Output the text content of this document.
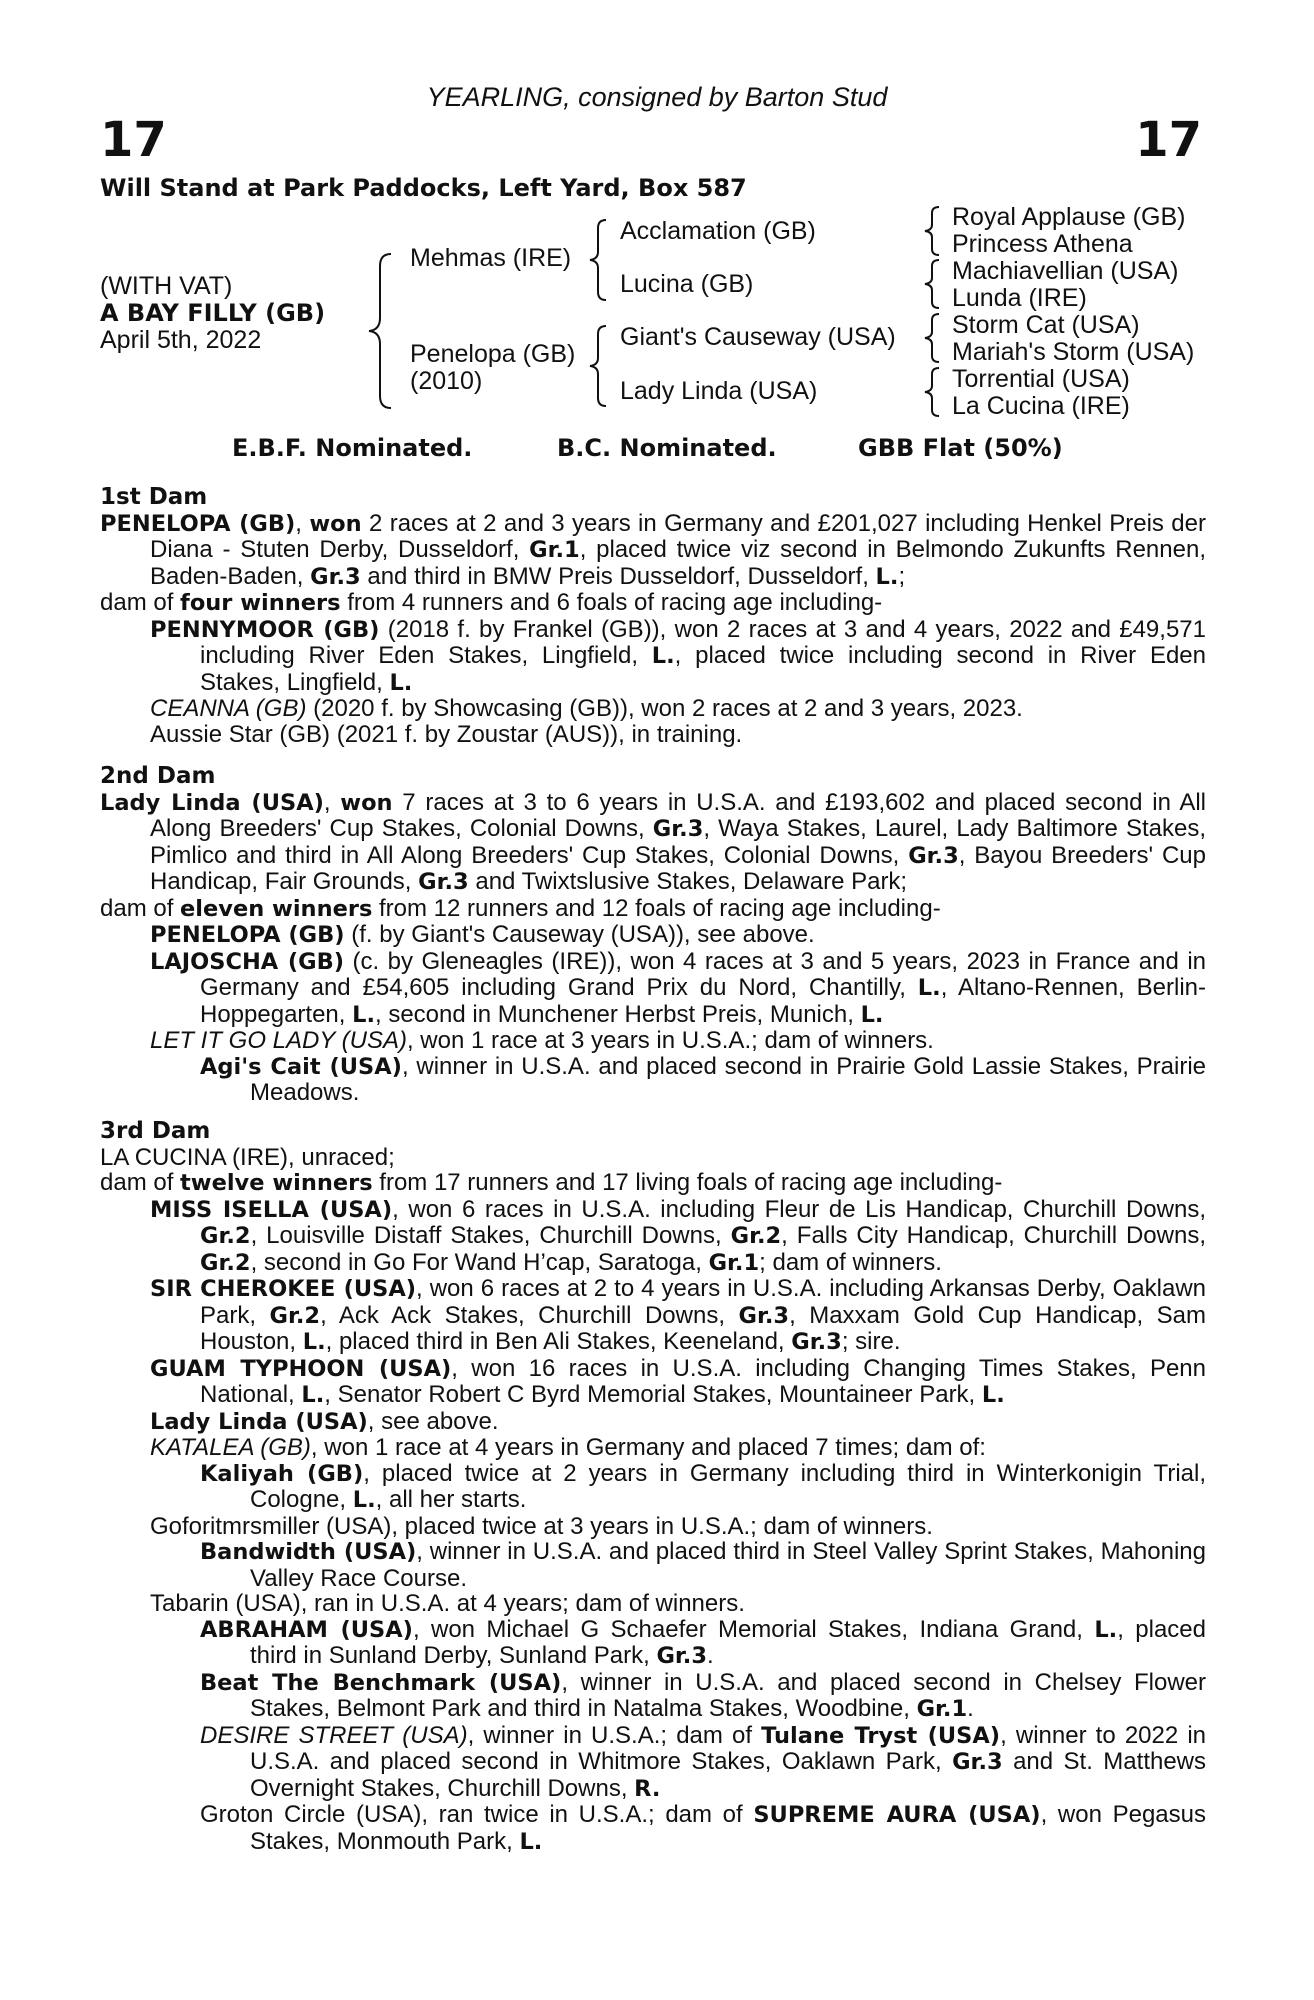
YEARLING, consigned by Barton Stud
17	17
Will Stand at Park Paddocks, Left Yard, Box 587
(WITH VAT)
A BAY FILLY (GB)
April 5th, 2022
Mehmas (IRE)
Penelopa (GB)
(2010)
Acclamation (GB)
Lucina (GB)
Giant's Causeway (USA)
Lady Linda (USA)
Royal Applause (GB)
Princess Athena
Machiavellian (USA)
Lunda (IRE)
Storm Cat (USA)
Mariah's Storm (USA)
Torrential (USA)
La Cucina (IRE)
E.B.F. Nominated.	B.C. Nominated.	GBB Flat (50%)
1st Dam

PENELOPA (GB), won 2 races at 2 and 3 years in Germany and £201,027 including Henkel Preis der Diana - Stuten Derby, Dusseldorf, Gr.1, placed twice viz second in Belmondo Zukunfts Rennen, Baden-Baden, Gr.3 and third in BMW Preis Dusseldorf, Dusseldorf, L.;

dam of four winners from 4 runners and 6 foals of racing age including-

PENNYMOOR (GB) (2018 f. by Frankel (GB)), won 2 races at 3 and 4 years, 2022 and £49,571 including River Eden Stakes, Lingfield, L., placed twice including second in River Eden Stakes, Lingfield, L.

CEANNA (GB) (2020 f. by Showcasing (GB)), won 2 races at 2 and 3 years, 2023.

Aussie Star (GB) (2021 f. by Zoustar (AUS)), in training.

2nd Dam

Lady Linda (USA), won 7 races at 3 to 6 years in U.S.A. and £193,602 and placed second in All Along Breeders' Cup Stakes, Colonial Downs, Gr.3, Waya Stakes, Laurel, Lady Baltimore Stakes, Pimlico and third in All Along Breeders' Cup Stakes, Colonial Downs, Gr.3, Bayou Breeders' Cup Handicap, Fair Grounds, Gr.3 and Twixtslusive Stakes, Delaware Park;

dam of eleven winners from 12 runners and 12 foals of racing age including-

PENELOPA (GB) (f. by Giant's Causeway (USA)), see above.

LAJOSCHA (GB) (c. by Gleneagles (IRE)), won 4 races at 3 and 5 years, 2023 in France and in Germany and £54,605 including Grand Prix du Nord, Chantilly, L., Altano-Rennen, Berlin-Hoppegarten, L., second in Munchener Herbst Preis, Munich, L.

LET IT GO LADY (USA), won 1 race at 3 years in U.S.A.; dam of winners.

Agi's Cait (USA), winner in U.S.A. and placed second in Prairie Gold Lassie Stakes, Prairie Meadows.

3rd Dam

LA CUCINA (IRE), unraced;

dam of twelve winners from 17 runners and 17 living foals of racing age including-

MISS ISELLA (USA), won 6 races in U.S.A. including Fleur de Lis Handicap, Churchill Downs, Gr.2, Louisville Distaff Stakes, Churchill Downs, Gr.2, Falls City Handicap, Churchill Downs, Gr.2, second in Go For Wand H’cap, Saratoga, Gr.1; dam of winners.

SIR CHEROKEE (USA), won 6 races at 2 to 4 years in U.S.A. including Arkansas Derby, Oaklawn Park, Gr.2, Ack Ack Stakes, Churchill Downs, Gr.3, Maxxam Gold Cup Handicap, Sam Houston, L., placed third in Ben Ali Stakes, Keeneland, Gr.3; sire.

GUAM TYPHOON (USA), won 16 races in U.S.A. including Changing Times Stakes, Penn National, L., Senator Robert C Byrd Memorial Stakes, Mountaineer Park, L.

Lady Linda (USA), see above.

KATALEA (GB), won 1 race at 4 years in Germany and placed 7 times; dam of:

Kaliyah (GB), placed twice at 2 years in Germany including third in Winterkonigin Trial, Cologne, L., all her starts.

Goforitmrsmiller (USA), placed twice at 3 years in U.S.A.; dam of winners.

Bandwidth (USA), winner in U.S.A. and placed third in Steel Valley Sprint Stakes, Mahoning Valley Race Course.

Tabarin (USA), ran in U.S.A. at 4 years; dam of winners.

ABRAHAM (USA), won Michael G Schaefer Memorial Stakes, Indiana Grand, L., placed third in Sunland Derby, Sunland Park, Gr.3.

Beat The Benchmark (USA), winner in U.S.A. and placed second in Chelsey Flower Stakes, Belmont Park and third in Natalma Stakes, Woodbine, Gr.1.

DESIRE STREET (USA), winner in U.S.A.; dam of Tulane Tryst (USA), winner to 2022 in U.S.A. and placed second in Whitmore Stakes, Oaklawn Park, Gr.3 and St. Matthews Overnight Stakes, Churchill Downs, R.

Groton Circle (USA), ran twice in U.S.A.; dam of SUPREME AURA (USA), won Pegasus Stakes, Monmouth Park, L.
